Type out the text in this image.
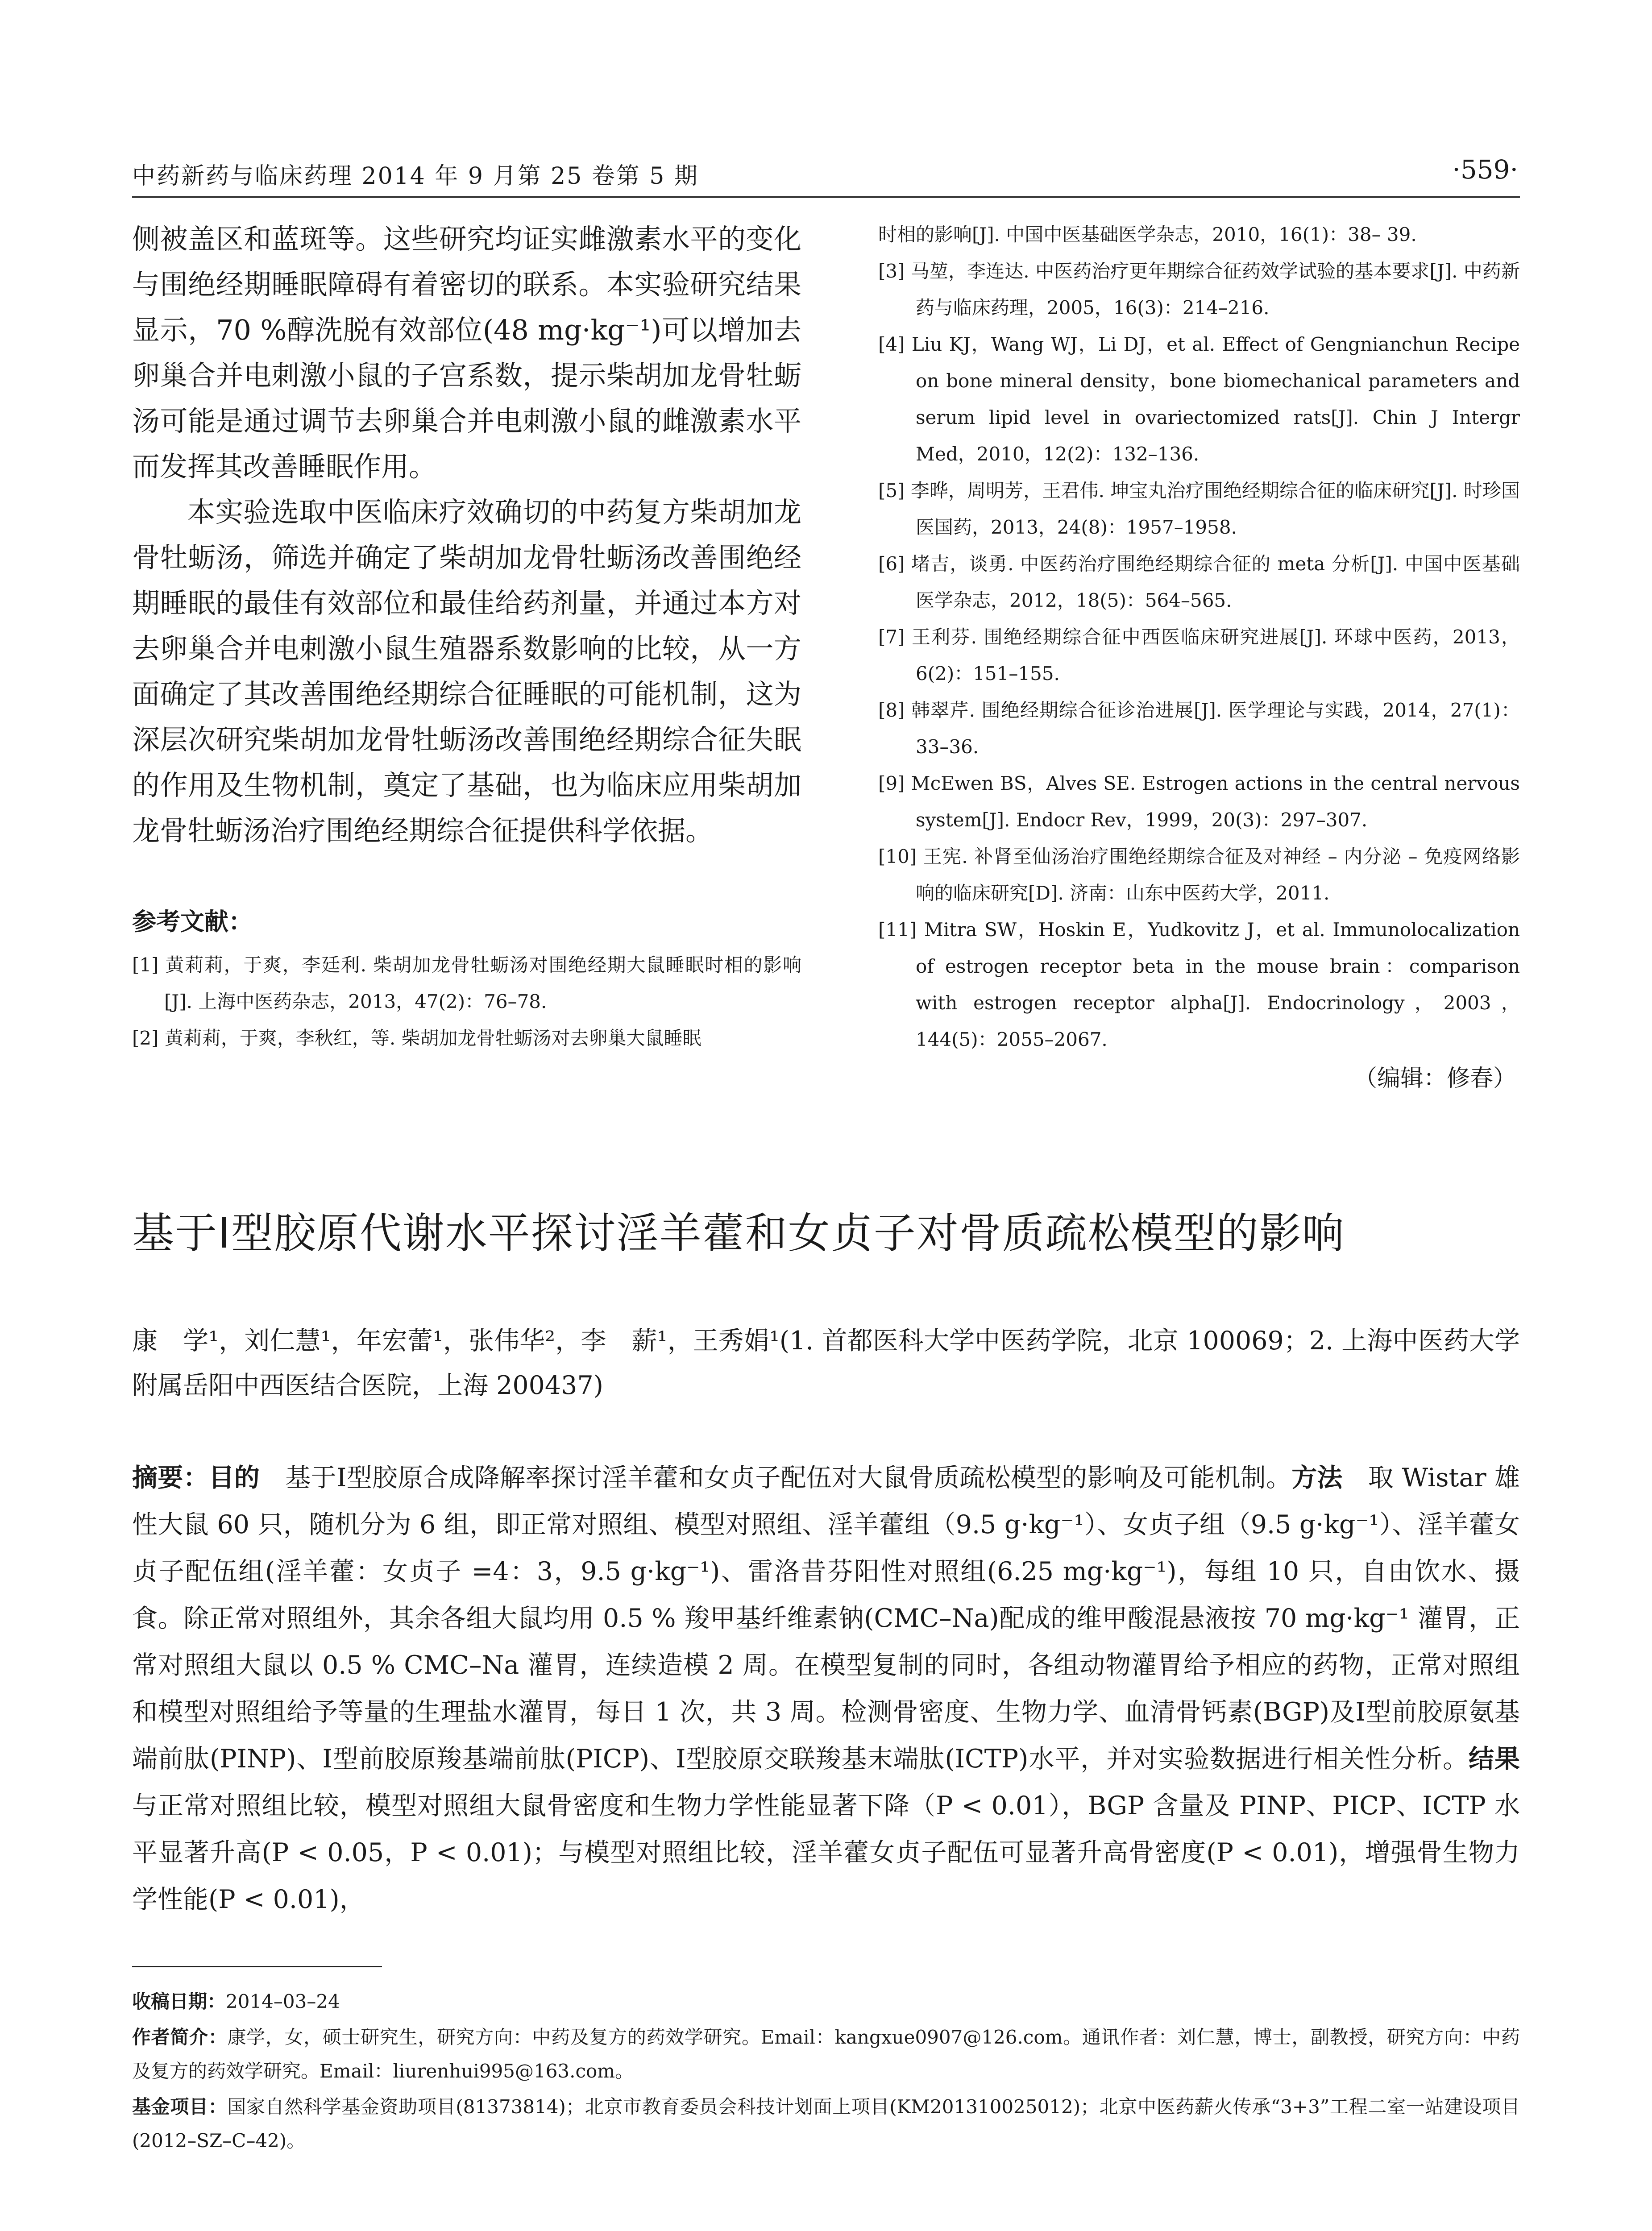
中药新药与临床药理 2014 年 9 月第 25 卷第 5 期	·559·

侧被盖区和蓝斑等。这些研究均证实雌激素水平的变化与围绝经期睡眠障碍有着密切的联系。本实验研究结果显示，70 %醇洗脱有效部位(48 mg·kg⁻¹)可以增加去卵巢合并电刺激小鼠的子宫系数，提示柴胡加龙骨牡蛎汤可能是通过调节去卵巢合并电刺激小鼠的雌激素水平而发挥其改善睡眠作用。

本实验选取中医临床疗效确切的中药复方柴胡加龙骨牡蛎汤，筛选并确定了柴胡加龙骨牡蛎汤改善围绝经期睡眠的最佳有效部位和最佳给药剂量，并通过本方对去卵巢合并电刺激小鼠生殖器系数影响的比较，从一方面确定了其改善围绝经期综合征睡眠的可能机制，这为深层次研究柴胡加龙骨牡蛎汤改善围绝经期综合征失眠的作用及生物机制，奠定了基础，也为临床应用柴胡加龙骨牡蛎汤治疗围绝经期综合征提供科学依据。

参考文献：
[1] 黄莉莉，于爽，李廷利. 柴胡加龙骨牡蛎汤对围绝经期大鼠睡眠时相的影响[J]. 上海中医药杂志，2013，47(2)：76–78.
[2] 黄莉莉，于爽，李秋红，等. 柴胡加龙骨牡蛎汤对去卵巢大鼠睡眠
时相的影响[J]. 中国中医基础医学杂志，2010，16(1)：38– 39.
[3] 马堃，李连达. 中医药治疗更年期综合征药效学试验的基本要求[J]. 中药新药与临床药理，2005，16(3)：214–216.
[4] Liu KJ，Wang WJ，Li DJ，et al. Effect of Gengnianchun Recipe on bone mineral density，bone biomechanical parameters and serum lipid level in ovariectomized rats[J]. Chin J Intergr Med，2010，12(2)：132–136.
[5] 李晔，周明芳，王君伟. 坤宝丸治疗围绝经期综合征的临床研究[J]. 时珍国医国药，2013，24(8)：1957–1958.
[6] 堵吉，谈勇. 中医药治疗围绝经期综合征的 meta 分析[J]. 中国中医基础医学杂志，2012，18(5)：564–565.
[7] 王利芬. 围绝经期综合征中西医临床研究进展[J]. 环球中医药，2013，6(2)：151–155.
[8] 韩翠芹. 围绝经期综合征诊治进展[J]. 医学理论与实践，2014，27(1)：33–36.
[9] McEwen BS，Alves SE. Estrogen actions in the central nervous system[J]. Endocr Rev，1999，20(3)：297–307.
[10] 王宪. 补肾至仙汤治疗围绝经期综合征及对神经 – 内分泌 – 免疫网络影响的临床研究[D]. 济南：山东中医药大学，2011.
[11] Mitra SW，Hoskin E，Yudkovitz J，et al. Immunolocalization of estrogen receptor beta in the mouse brain：comparison with estrogen receptor alpha[J]. Endocrinology，2003，144(5)：2055–2067.
（编辑：修春）
基于Ⅰ型胶原代谢水平探讨淫羊藿和女贞子对骨质疏松模型的影响
康　学¹，刘仁慧¹，年宏蕾¹，张伟华²，李　薪¹，王秀娟¹(1. 首都医科大学中医药学院，北京 100069；2. 上海中医药大学附属岳阳中西医结合医院，上海 200437)
摘要：目的　 基于Ⅰ型胶原合成降解率探讨淫羊藿和女贞子配伍对大鼠骨质疏松模型的影响及可能机制。方法　 取 Wistar 雄性大鼠 60 只，随机分为 6 组，即正常对照组、模型对照组、淫羊藿组（9.5 g·kg⁻¹）、女贞子组（9.5 g·kg⁻¹）、淫羊藿女贞子配伍组(淫羊藿：女贞子 =4：3，9.5 g·kg⁻¹)、雷洛昔芬阳性对照组(6.25 mg·kg⁻¹)，每组 10 只，自由饮水、摄食。除正常对照组外，其余各组大鼠均用 0.5 % 羧甲基纤维素钠(CMC–Na)配成的维甲酸混悬液按 70 mg·kg⁻¹ 灌胃，正常对照组大鼠以 0.5 % CMC–Na 灌胃，连续造模 2 周。在模型复制的同时，各组动物灌胃给予相应的药物，正常对照组和模型对照组给予等量的生理盐水灌胃，每日 1 次，共 3 周。检测骨密度、生物力学、血清骨钙素(BGP)及Ⅰ型前胶原氨基端前肽(PINP)、Ⅰ型前胶原羧基端前肽(PICP)、Ⅰ型胶原交联羧基末端肽(ICTP)水平，并对实验数据进行相关性分析。结果　与正常对照组比较，模型对照组大鼠骨密度和生物力学性能显著下降（P < 0.01），BGP 含量及 PINP、PICP、ICTP 水平显著升高(P < 0.05，P < 0.01)；与模型对照组比较，淫羊藿女贞子配伍可显著升高骨密度(P < 0.01)，增强骨生物力学性能(P < 0.01)，

收稿日期：2014–03–24

作者简介：康学，女，硕士研究生，研究方向：中药及复方的药效学研究。Email：kangxue0907@126.com。通讯作者：刘仁慧，博士，副教授，研究方向：中药及复方的药效学研究。Email：liurenhui995@163.com。

基金项目：国家自然科学基金资助项目(81373814)；北京市教育委员会科技计划面上项目(KM201310025012)；北京中医药薪火传承“3+3”工程二室一站建设项目(2012–SZ–C–42)。
